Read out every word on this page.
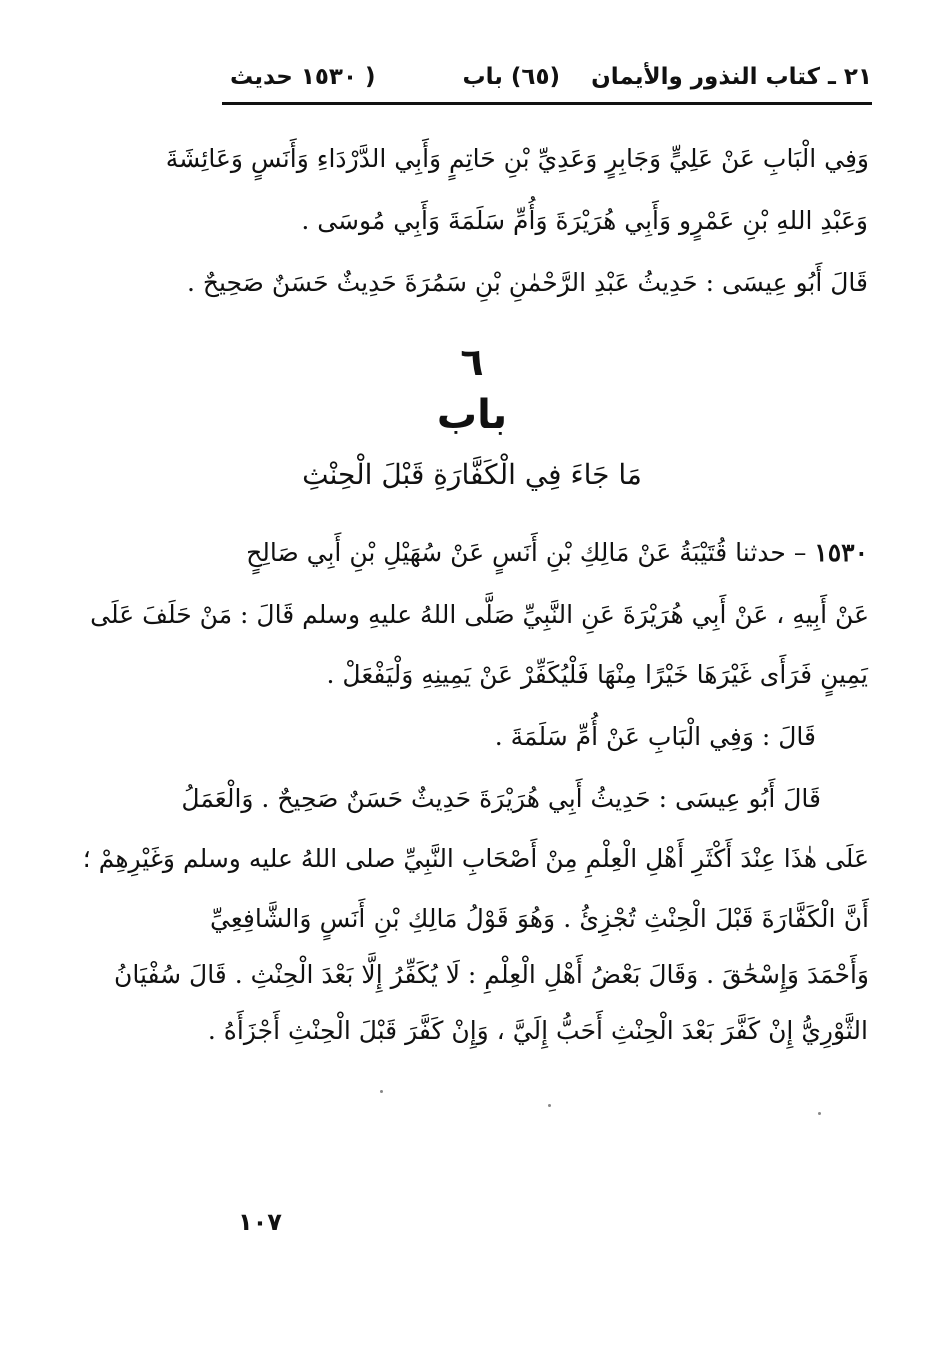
٢١ ـ كتاب النذور والأيمان
(٦٥) باب
( ١٥٣٠ حديث
وَفِي الْبَابِ عَنْ عَلِيٍّ وَجَابِرٍ وَعَدِيِّ بْنِ حَاتِمٍ وَأَبِي الدَّرْدَاءِ وَأَنَسٍ وَعَائِشَةَ
وَعَبْدِ اللهِ بْنِ عَمْرٍو وَأَبِي هُرَيْرَةَ وَأُمِّ سَلَمَةَ وَأَبِي مُوسَى .
قَالَ أَبُو عِيسَى : حَدِيثُ عَبْدِ الرَّحْمٰنِ بْنِ سَمُرَةَ حَدِيثٌ حَسَنٌ صَحِيحٌ .
٦
باب
مَا جَاءَ فِي الْكَفَّارَةِ قَبْلَ الْحِنْثِ
١٥٣٠ – حدثنا قُتَيْبَةُ عَنْ مَالِكِ بْنِ أَنَسٍ عَنْ سُهَيْلِ بْنِ أَبِي صَالِحٍ
عَنْ أَبِيهِ ، عَنْ أَبِي هُرَيْرَةَ عَنِ النَّبِيِّ صَلَّى اللهُ عليهِ وسلم قَالَ : مَنْ حَلَفَ عَلَى
يَمِينٍ فَرَأَى غَيْرَهَا خَيْرًا مِنْهَا فَلْيُكَفِّرْ عَنْ يَمِينِهِ وَلْيَفْعَلْ .
قَالَ : وَفِي الْبَابِ عَنْ أُمِّ سَلَمَةَ .
قَالَ أَبُو عِيسَى : حَدِيثُ أَبِي هُرَيْرَةَ حَدِيثٌ حَسَنٌ صَحِيحٌ . وَالْعَمَلُ
عَلَى هٰذَا عِنْدَ أَكْثَرِ أَهْلِ الْعِلْمِ مِنْ أَصْحَابِ النَّبِيِّ صلى اللهُ عليه وسلم وَغَيْرِهِمْ ؛
أَنَّ الْكَفَّارَةَ قَبْلَ الْحِنْثِ تُجْزِئُ . وَهُوَ قَوْلُ مَالِكِ بْنِ أَنَسٍ وَالشَّافِعِيِّ
وَأَحْمَدَ وَإِسْحَٰقَ . وَقَالَ بَعْضُ أَهْلِ الْعِلْمِ : لَا يُكَفِّرُ إِلَّا بَعْدَ الْحِنْثِ . قَالَ سُفْيَانُ
الثَّوْرِيُّ إِنْ كَفَّرَ بَعْدَ الْحِنْثِ أَحَبُّ إِلَيَّ ، وَإِنْ كَفَّرَ قَبْلَ الْحِنْثِ أَجْزَأَهُ .
١٠٧
